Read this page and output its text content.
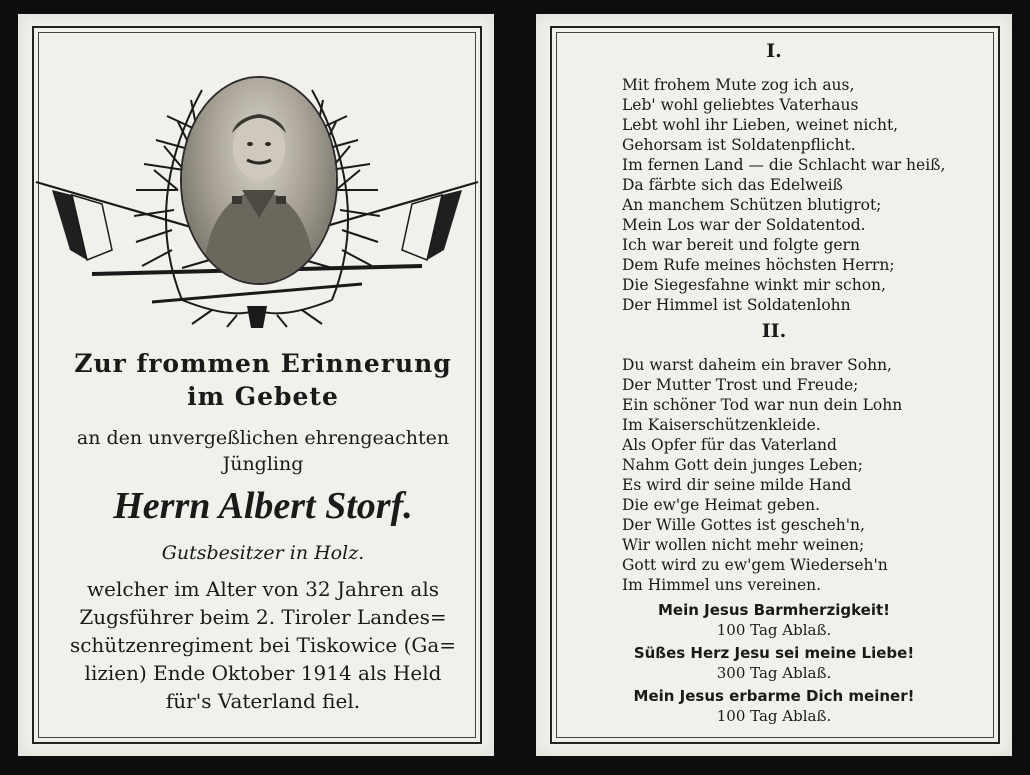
Zur frommen Erinnerung
im Gebete
an den unvergeßlichen ehrengeachten
Jüngling
Herrn Albert Storf.
Gutsbesitzer in Holz.
welcher im Alter von 32 Jahren als
Zugsführer beim 2. Tiroler Landes=
schützenregiment bei Tiskowice (Ga=
lizien) Ende Oktober 1914 als Held
für's Vaterland fiel.
I.
Mit frohem Mute zog ich aus,
Leb' wohl geliebtes Vaterhaus
Lebt wohl ihr Lieben, weinet nicht,
Gehorsam ist Soldatenpflicht.
Im fernen Land — die Schlacht war heiß,
Da färbte sich das Edelweiß
An manchem Schützen blutigrot;
Mein Los war der Soldatentod.
Ich war bereit und folgte gern
Dem Rufe meines höchsten Herrn;
Die Siegesfahne winkt mir schon,
Der Himmel ist Soldatenlohn
II.
Du warst daheim ein braver Sohn,
Der Mutter Trost und Freude;
Ein schöner Tod war nun dein Lohn
Im Kaiserschützenkleide.
Als Opfer für das Vaterland
Nahm Gott dein junges Leben;
Es wird dir seine milde Hand
Die ew'ge Heimat geben.
Der Wille Gottes ist gescheh'n,
Wir wollen nicht mehr weinen;
Gott wird zu ew'gem Wiederseh'n
Im Himmel uns vereinen.
Mein Jesus Barmherzigkeit!
100 Tag Ablaß.
Süßes Herz Jesu sei meine Liebe!
300 Tag Ablaß.
Mein Jesus erbarme Dich meiner!
100 Tag Ablaß.
